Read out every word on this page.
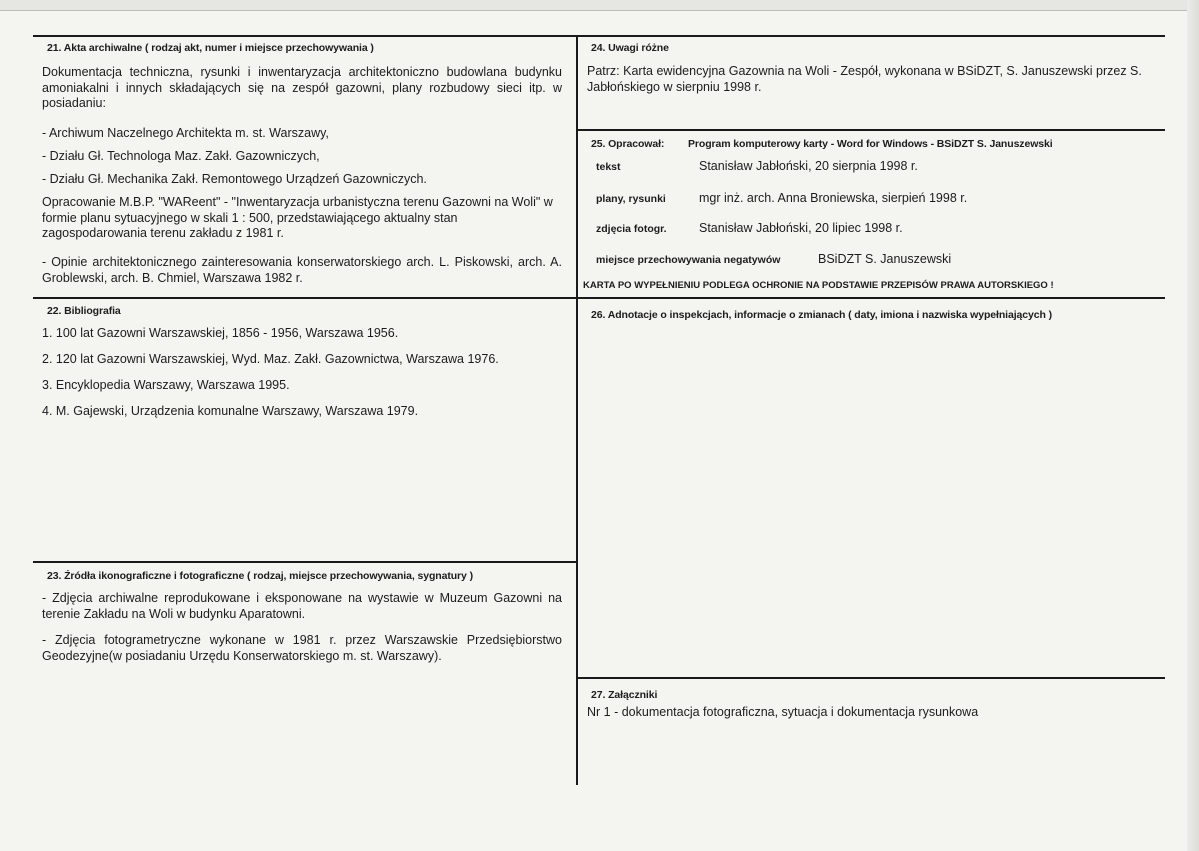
21. Akta archiwalne ( rodzaj akt, numer i miejsce przechowywania )
Dokumentacja techniczna, rysunki i inwentaryzacja architektoniczno budowlana budynku amoniakalni i innych składających się na zespół gazowni, plany rozbudowy sieci itp. w posiadaniu:
- Archiwum Naczelnego Architekta m. st. Warszawy,
- Działu Gł. Technologa Maz. Zakł. Gazowniczych,
- Działu Gł. Mechanika Zakł. Remontowego Urządzeń Gazowniczych.
Opracowanie M.B.P. "WAReent" - "Inwentaryzacja urbanistyczna terenu Gazowni na Woli" w formie planu sytuacyjnego w skali 1 : 500, przedstawiającego aktualny stan zagospodarowania terenu zakładu z 1981 r.
- Opinie architektonicznego zainteresowania konserwatorskiego arch. L. Piskowski, arch. A. Groblewski, arch. B. Chmiel, Warszawa 1982 r.
22. Bibliografia
1. 100 lat Gazowni Warszawskiej, 1856 - 1956, Warszawa 1956.
2. 120 lat Gazowni Warszawskiej, Wyd. Maz. Zakł. Gazownictwa, Warszawa 1976.
3. Encyklopedia Warszawy, Warszawa 1995.
4. M. Gajewski, Urządzenia komunalne Warszawy, Warszawa 1979.
23. Źródła ikonograficzne i fotograficzne ( rodzaj, miejsce przechowywania, sygnatury )
- Zdjęcia archiwalne reprodukowane i eksponowane na wystawie w Muzeum Gazowni na terenie Zakładu na Woli w budynku Aparatowni.
- Zdjęcia fotogrametryczne wykonane w 1981 r. przez Warszawskie Przedsiębiorstwo Geodezyjne(w posiadaniu Urzędu Konserwatorskiego m. st. Warszawy).
24. Uwagi różne
Patrz: Karta ewidencyjna Gazownia na Woli - Zespół, wykonana w BSiDZT, S. Januszewski przez S. Jabłońskiego w sierpniu 1998 r.
25. Opracował: Program komputerowy karty - Word for Windows - BSiDZT S. Januszewski
tekst	Stanisław Jabłoński, 20 sierpnia 1998 r.
plany, rysunki	mgr inż. arch. Anna Broniewska, sierpień 1998 r.
zdjęcia fotogr.	Stanisław Jabłoński, 20 lipiec 1998 r.
miejsce przechowywania negatywów	BSiDZT S. Januszewski
KARTA PO WYPEŁNIENIU PODLEGA OCHRONIE NA PODSTAWIE PRZEPISÓW PRAWA AUTORSKIEGO !
26. Adnotacje o inspekcjach, informacje o zmianach ( daty, imiona i nazwiska wypełniających )
27. Załączniki
Nr 1 - dokumentacja fotograficzna, sytuacja i dokumentacja rysunkowa
